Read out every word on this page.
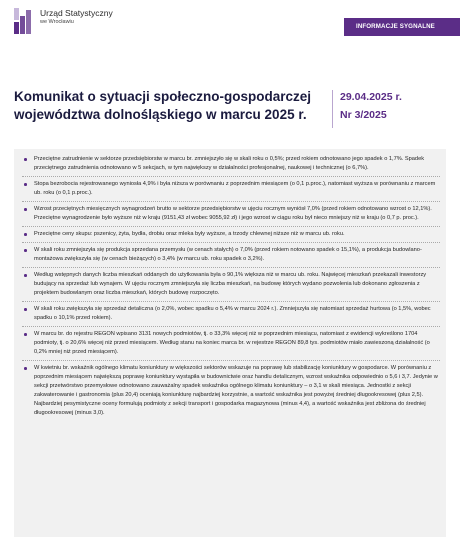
Urząd Statystyczny
we Wrocławiu
INFORMACJE SYGNALNE
Komunikat o sytuacji społeczno-gospodarczej
województwa dolnośląskiego w marcu 2025 r.
29.04.2025 r.
Nr 3/2025
Przeciętne zatrudnienie w sektorze przedsiębiorstw w marcu br. zmniejszyło się w skali roku o 0,5%; przed rokiem odnotowano jego spadek o 1,7%. Spadek przeciętnego zatrudnienia odnotowano w 5 sekcjach, w tym największy w działalności profesjonalnej, naukowej i technicznej (o 6,7%).
Stopa bezrobocia rejestrowanego wyniosła 4,9% i była niższa w porównaniu z poprzednim miesiącem (o 0,1 p.proc.), natomiast wyższa w porównaniu z marcem ub. roku (o 0,1 p.proc.).
Wzrost przeciętnych miesięcznych wynagrodzeń brutto w sektorze przedsiębiorstw w ujęciu rocznym wyniósł 7,0% (przed rokiem odnotowano wzrost o 12,1%). Przeciętne wynagrodzenie było wyższe niż w kraju (9151,43 zł wobec 9055,92 zł) i jego wzrost w ciągu roku był nieco mniejszy niż w kraju (o 0,7 p. proc.).
Przeciętne ceny skupu: pszenicy, żyta, bydła, drobiu oraz mleka były wyższe, a trzody chlewnej niższe niż w marcu ub. roku.
W skali roku zmniejszyła się produkcja sprzedana przemysłu (w cenach stałych) o 7,0% (przed rokiem notowano spadek o 15,1%), a produkcja budowlano-montażowa zwiększyła się (w cenach bieżących) o 3,4% (w marcu ub. roku spadek o 3,2%).
Według wstępnych danych liczba mieszkań oddanych do użytkowania była o 90,1% większa niż w marcu ub. roku. Najwięcej mieszkań przekazali inwestorzy budujący na sprzedaż lub wynajem. W ujęciu rocznym zmniejszyła się liczba mieszkań, na budowę których wydano pozwolenia lub dokonano zgłoszenia z projektem budowlanym oraz liczba mieszkań, których budowę rozpoczęto.
W skali roku zwiększyła się sprzedaż detaliczna (o 2,0%, wobec spadku o 5,4% w marcu 2024 r.). Zmniejszyła się natomiast sprzedaż hurtowa (o 1,5%, wobec spadku o 10,1% przed rokiem).
W marcu br. do rejestru REGON wpisano 3131 nowych podmiotów, tj. o 33,3% więcej niż w poprzednim miesiącu, natomiast z ewidencji wykreślono 1704 podmioty, tj. o 20,6% więcej niż przed miesiącem. Według stanu na koniec marca br. w rejestrze REGON 89,8 tys. podmiotów miało zawieszoną działalność (o 0,2% mniej niż przed miesiącem).
W kwietniu br. wskaźnik ogólnego klimatu koniunktury w większości sektorów wskazuje na poprawę lub stabilizację koniunktury w gospodarce. W porównaniu z poprzednim miesiącem największą poprawę koniunktury wystąpiła w budownictwie oraz handlu detalicznym, wzrost wskaźnika odpowiednio o 5,6 i 3,7. Jedynie w sekcji przetwórstwo przemysłowe odnotowano zauważalny spadek wskaźnika ogólnego klimatu koniunktury – o 3,1 w skali miesiąca. Jednostki z sekcji zakwaterowanie i gastronomia (plus 20,4) oceniają koniunkturę najbardziej korzystnie, a wartość wskaźnika jest powyżej średniej długookresowej (plus 2,5). Najbardziej pesymistyczne oceny formułują podmioty z sekcji transport i gospodarka magazynowa (minus 4,4), a wartość wskaźnika jest zbliżona do średniej długookresowej (minus 3,0).
